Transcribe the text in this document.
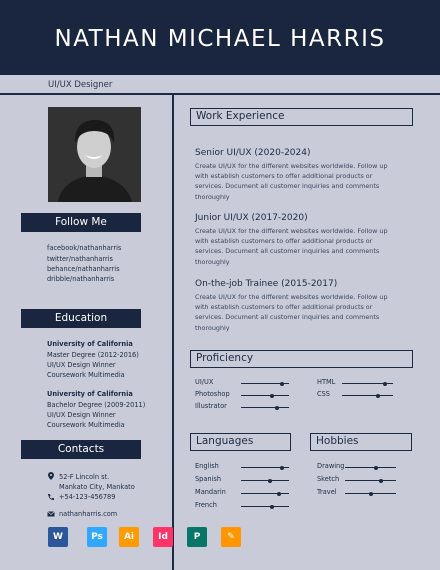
NATHAN MICHAEL HARRIS
UI/UX Designer
Follow Me
facebook/nathanharris
twitter/nathanharris
behance/nathanharris
dribble/nathanharris
Education
University of California
Master Degree (2012-2016)
UI/UX Design Winner
Coursework Multimedia
University of California
Bachelor Degree (2009-2011)
UI/UX Design Winner
Coursework Multimedia
Contacts
52-F Lincoln st.
Mankato City, Mankato
+54-123-456789
nathanharris.com
W	Ps	Ai	Id	P	✎
Work Experience
Senior UI/UX (2020-2024)
Create UI/UX for the different websites worldwide. Follow up with establish customers to offer additional products or services. Document all customer inquiries and comments thoroughly
Junior UI/UX (2017-2020)
Create UI/UX for the different websites worldwide. Follow up with establish customers to offer additional products or services. Document all customer inquiries and comments thoroughly
On-the-job Trainee (2015-2017)
Create UI/UX for the different websites worldwide. Follow up with establish customers to offer additional products or services. Document all customer inquiries and comments thoroughly
Proficiency
Languages	Hobbies
UI/UX
Photoshop
Illustrator
HTML
CSS
English
Spanish
Mandarin
French
Drawing
Sketch
Travel
